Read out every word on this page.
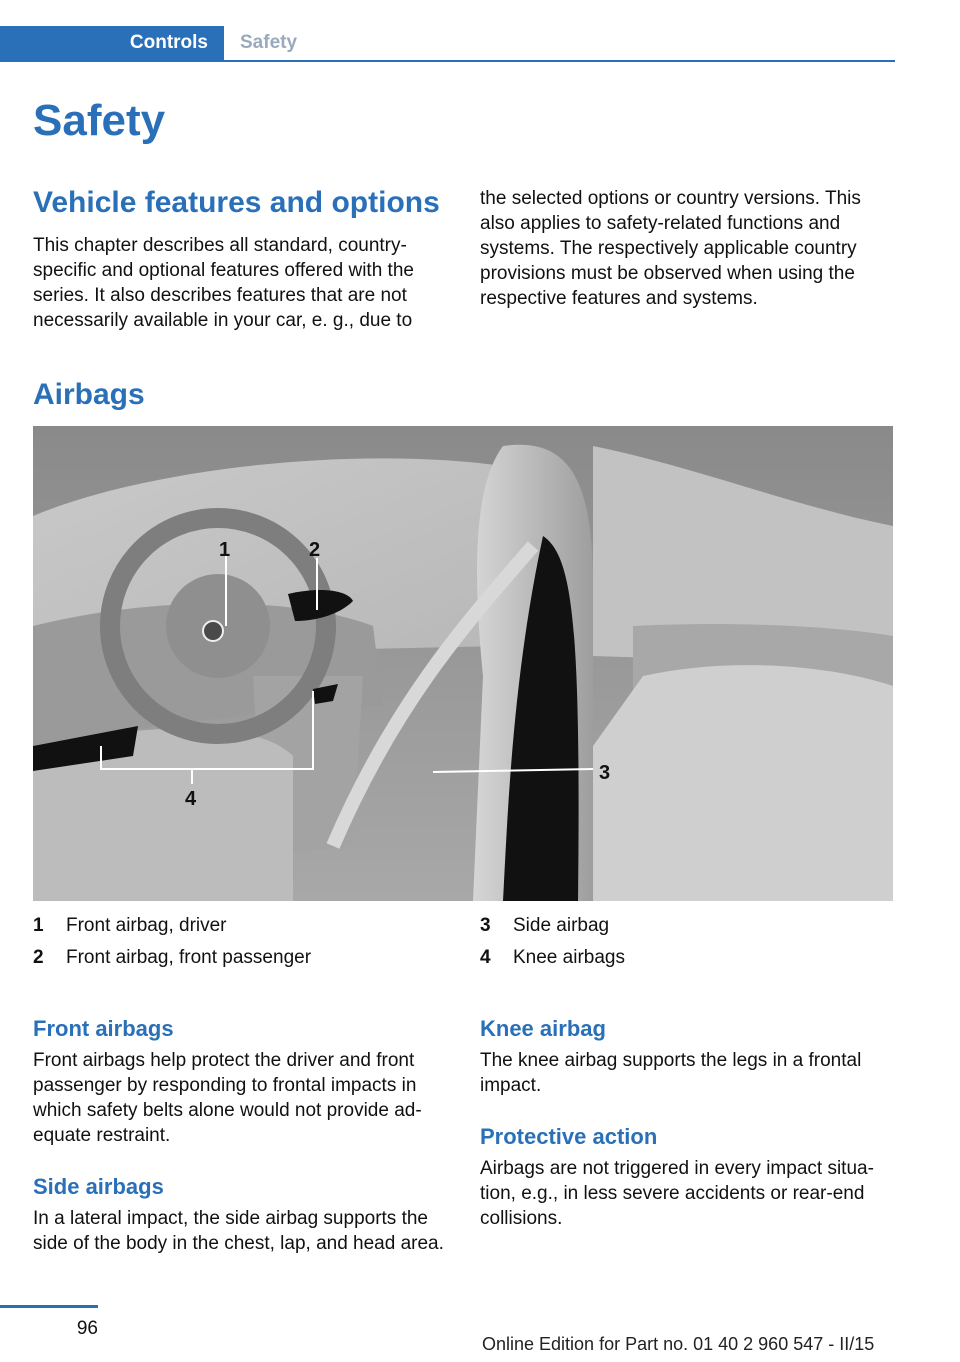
Controls	Safety
Safety
Vehicle features and options
This chapter describes all standard, country-specific and optional features offered with the series. It also describes features that are not necessarily available in your car, e. g., due to
the selected options or country versions. This also applies to safety-related functions and systems. The respectively applicable country provisions must be observed when using the respective features and systems.
Airbags
1	2
3
4
1 Front airbag, driver
2 Front airbag, front passenger
3 Side airbag
4 Knee airbags
Front airbags
Front airbags help protect the driver and front passenger by responding to frontal impacts in which safety belts alone would not provide ad‐equate restraint.
Side airbags
In a lateral impact, the side airbag supports the side of the body in the chest, lap, and head area.
Knee airbag
The knee airbag supports the legs in a frontal impact.
Protective action
Airbags are not triggered in every impact situa‐tion, e.g., in less severe accidents or rear-end collisions.
96
Online Edition for Part no. 01 40 2 960 547 - II/15
